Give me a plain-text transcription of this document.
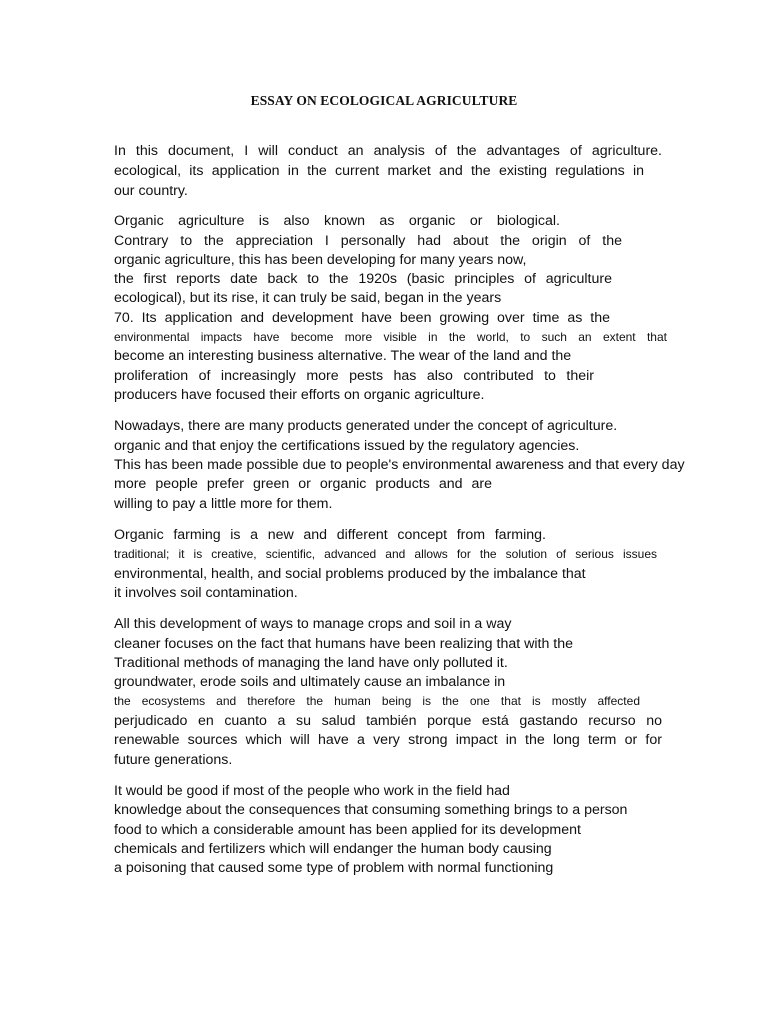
ESSAY ON ECOLOGICAL AGRICULTURE
In this document, I will conduct an analysis of the advantages of agriculture.
ecological, its application in the current market and the existing regulations in
our country.
Organic agriculture is also known as organic or biological.
Contrary to the appreciation I personally had about the origin of the
organic agriculture, this has been developing for many years now,
the first reports date back to the 1920s (basic principles of agriculture
ecological), but its rise, it can truly be said, began in the years
70. Its application and development have been growing over time as the
environmental impacts have become more visible in the world, to such an extent that
become an interesting business alternative. The wear of the land and the
proliferation of increasingly more pests has also contributed to their
producers have focused their efforts on organic agriculture.
Nowadays, there are many products generated under the concept of agriculture.
organic and that enjoy the certifications issued by the regulatory agencies.
This has been made possible due to people's environmental awareness and that every day
more people prefer green or organic products and are
willing to pay a little more for them.
Organic farming is a new and different concept from farming.
traditional; it is creative, scientific, advanced and allows for the solution of serious issues
environmental, health, and social problems produced by the imbalance that
it involves soil contamination.
All this development of ways to manage crops and soil in a way
cleaner focuses on the fact that humans have been realizing that with the
Traditional methods of managing the land have only polluted it.
groundwater, erode soils and ultimately cause an imbalance in
the ecosystems and therefore the human being is the one that is mostly affected
perjudicado en cuanto a su salud también porque está gastando recurso no
renewable sources which will have a very strong impact in the long term or for
future generations.
It would be good if most of the people who work in the field had
knowledge about the consequences that consuming something brings to a person
food to which a considerable amount has been applied for its development
chemicals and fertilizers which will endanger the human body causing
a poisoning that caused some type of problem with normal functioning
